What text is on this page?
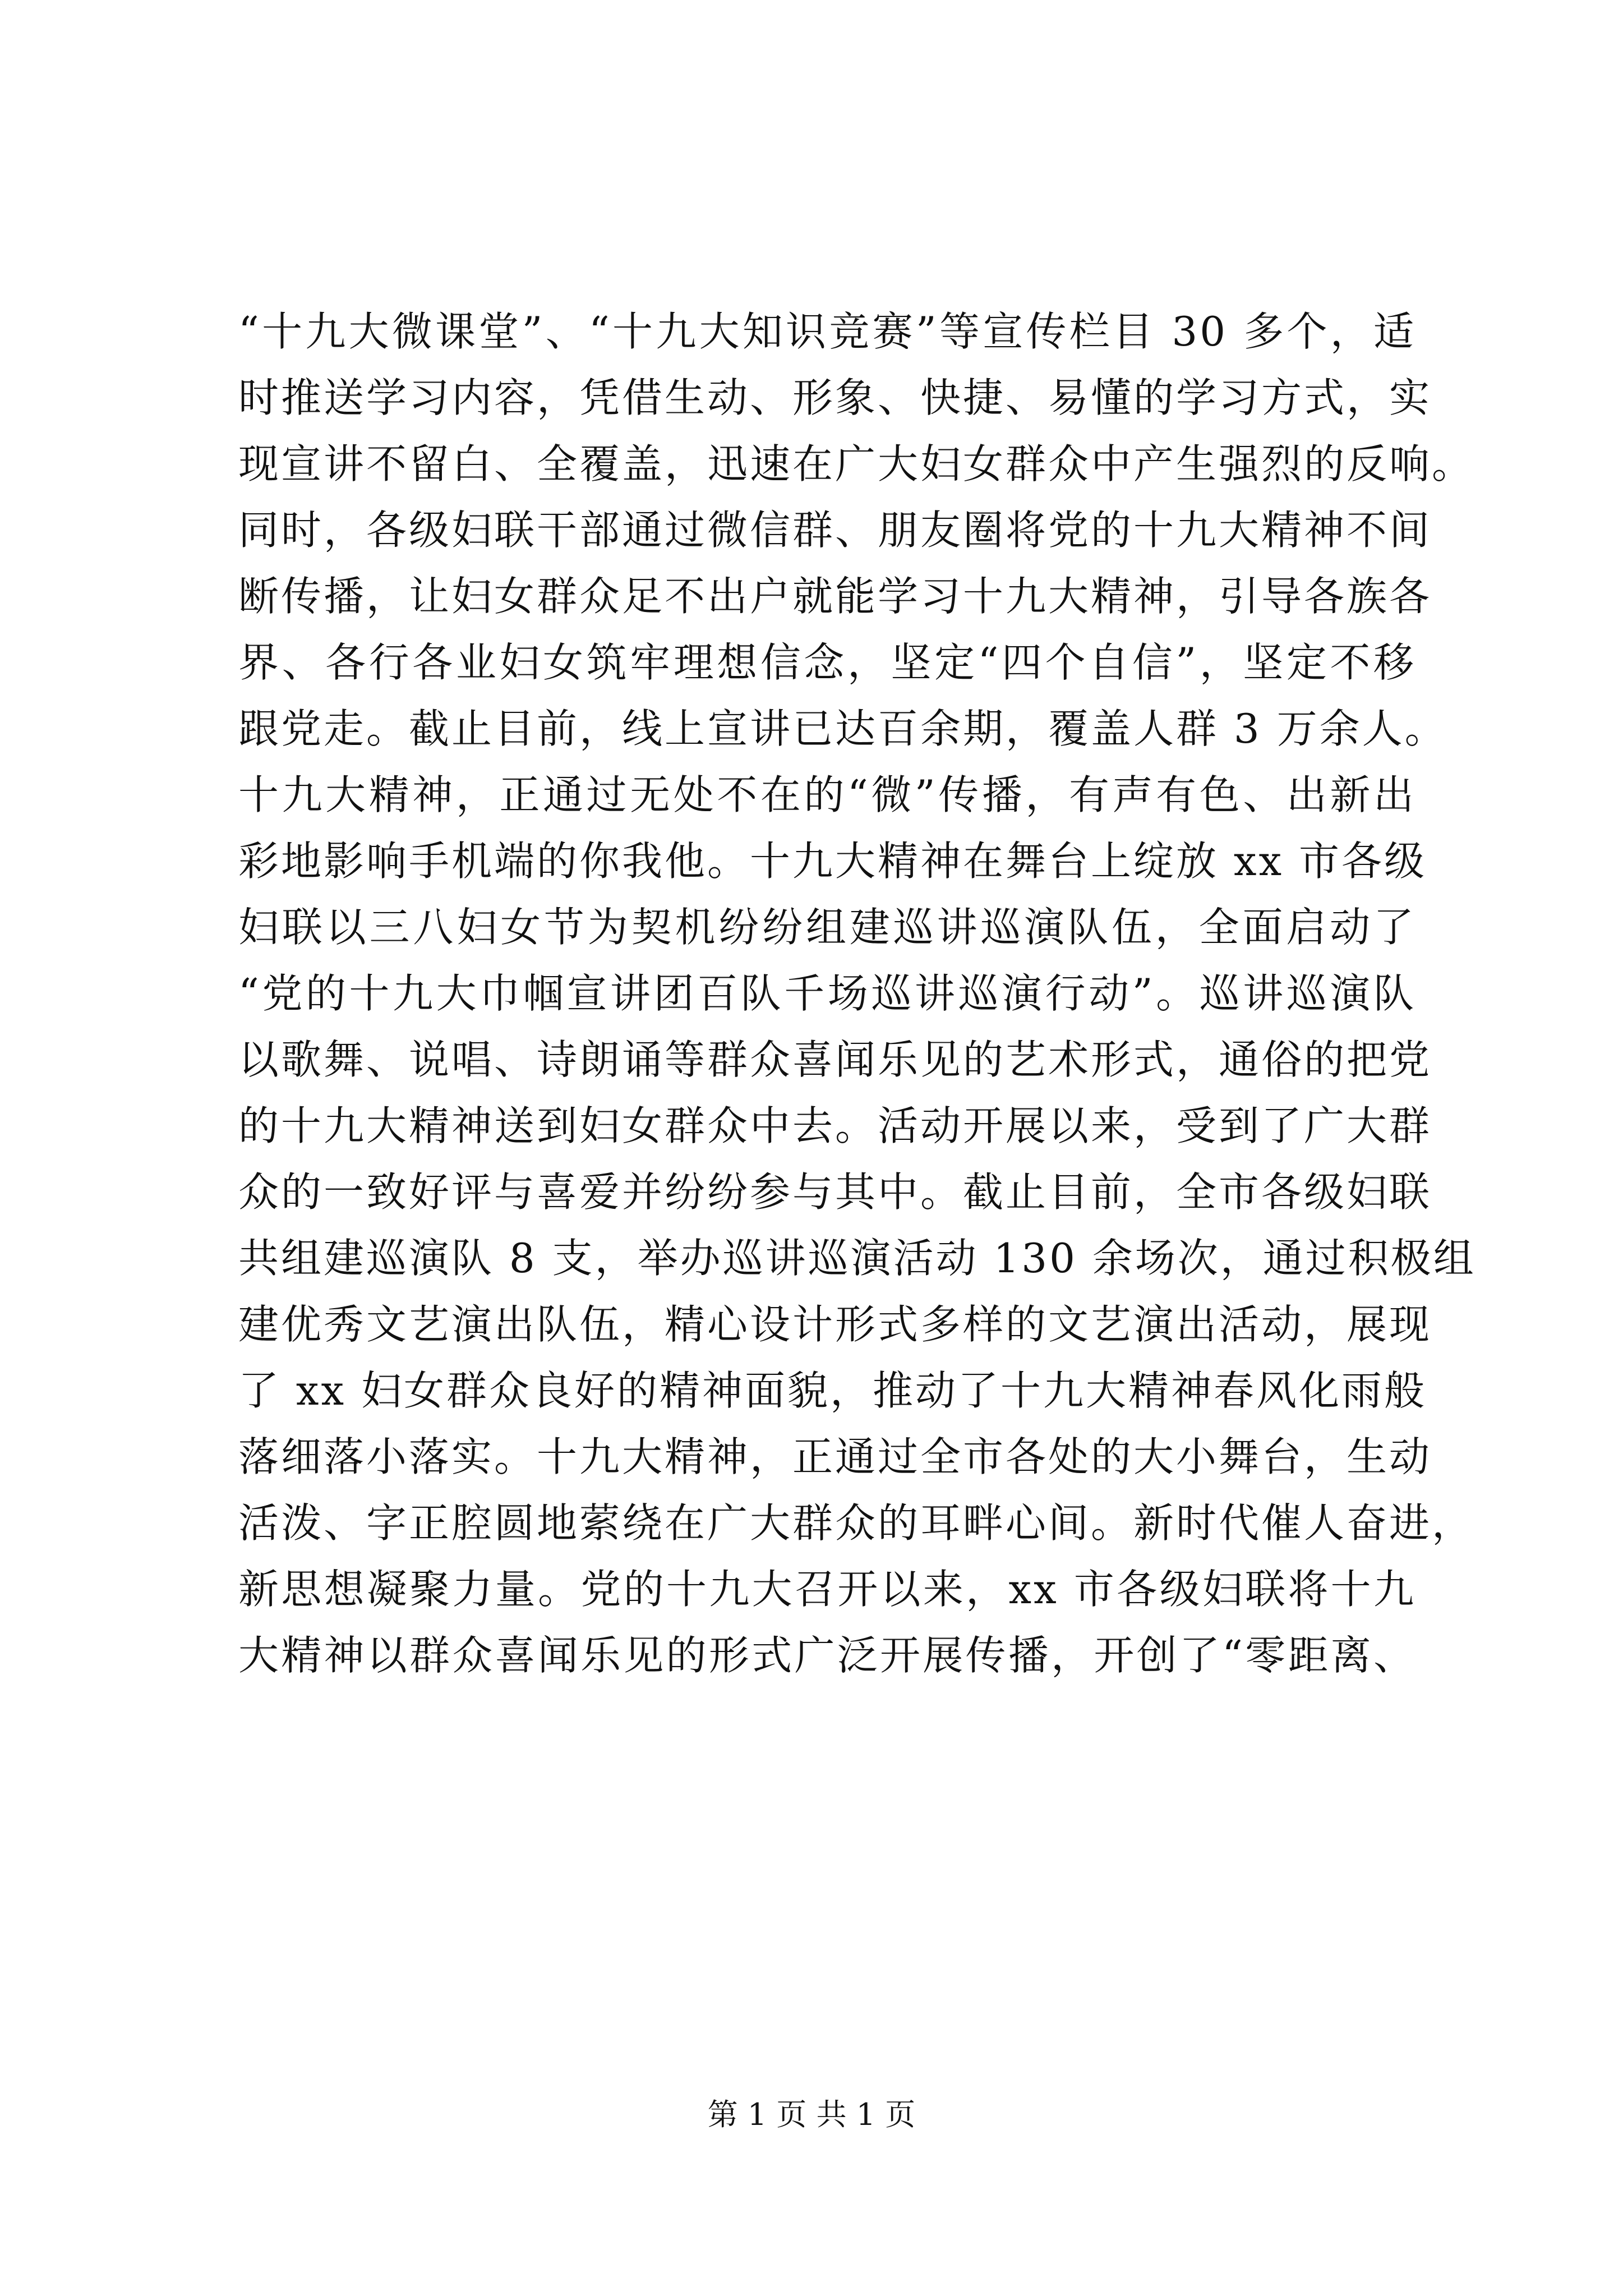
“十九大微课堂”、“十九大知识竞赛”等宣传栏目 30 多个，适
时推送学习内容，凭借生动、形象、快捷、易懂的学习方式，实
现宣讲不留白、全覆盖，迅速在广大妇女群众中产生强烈的反响。
同时，各级妇联干部通过微信群、朋友圈将党的十九大精神不间
断传播，让妇女群众足不出户就能学习十九大精神，引导各族各
界、各行各业妇女筑牢理想信念，坚定“四个自信”，坚定不移
跟党走。截止目前，线上宣讲已达百余期，覆盖人群 3 万余人。
十九大精神，正通过无处不在的“微”传播，有声有色、出新出
彩地影响手机端的你我他。十九大精神在舞台上绽放 xx 市各级
妇联以三八妇女节为契机纷纷组建巡讲巡演队伍，全面启动了
“党的十九大巾帼宣讲团百队千场巡讲巡演行动”。巡讲巡演队
以歌舞、说唱、诗朗诵等群众喜闻乐见的艺术形式，通俗的把党
的十九大精神送到妇女群众中去。活动开展以来，受到了广大群
众的一致好评与喜爱并纷纷参与其中。截止目前，全市各级妇联
共组建巡演队 8 支，举办巡讲巡演活动 130 余场次，通过积极组
建优秀文艺演出队伍，精心设计形式多样的文艺演出活动，展现
了 xx 妇女群众良好的精神面貌，推动了十九大精神春风化雨般
落细落小落实。十九大精神，正通过全市各处的大小舞台，生动
活泼、字正腔圆地萦绕在广大群众的耳畔心间。新时代催人奋进，
新思想凝聚力量。党的十九大召开以来，xx 市各级妇联将十九
大精神以群众喜闻乐见的形式广泛开展传播，开创了“零距离、
第 1 页 共 1 页
